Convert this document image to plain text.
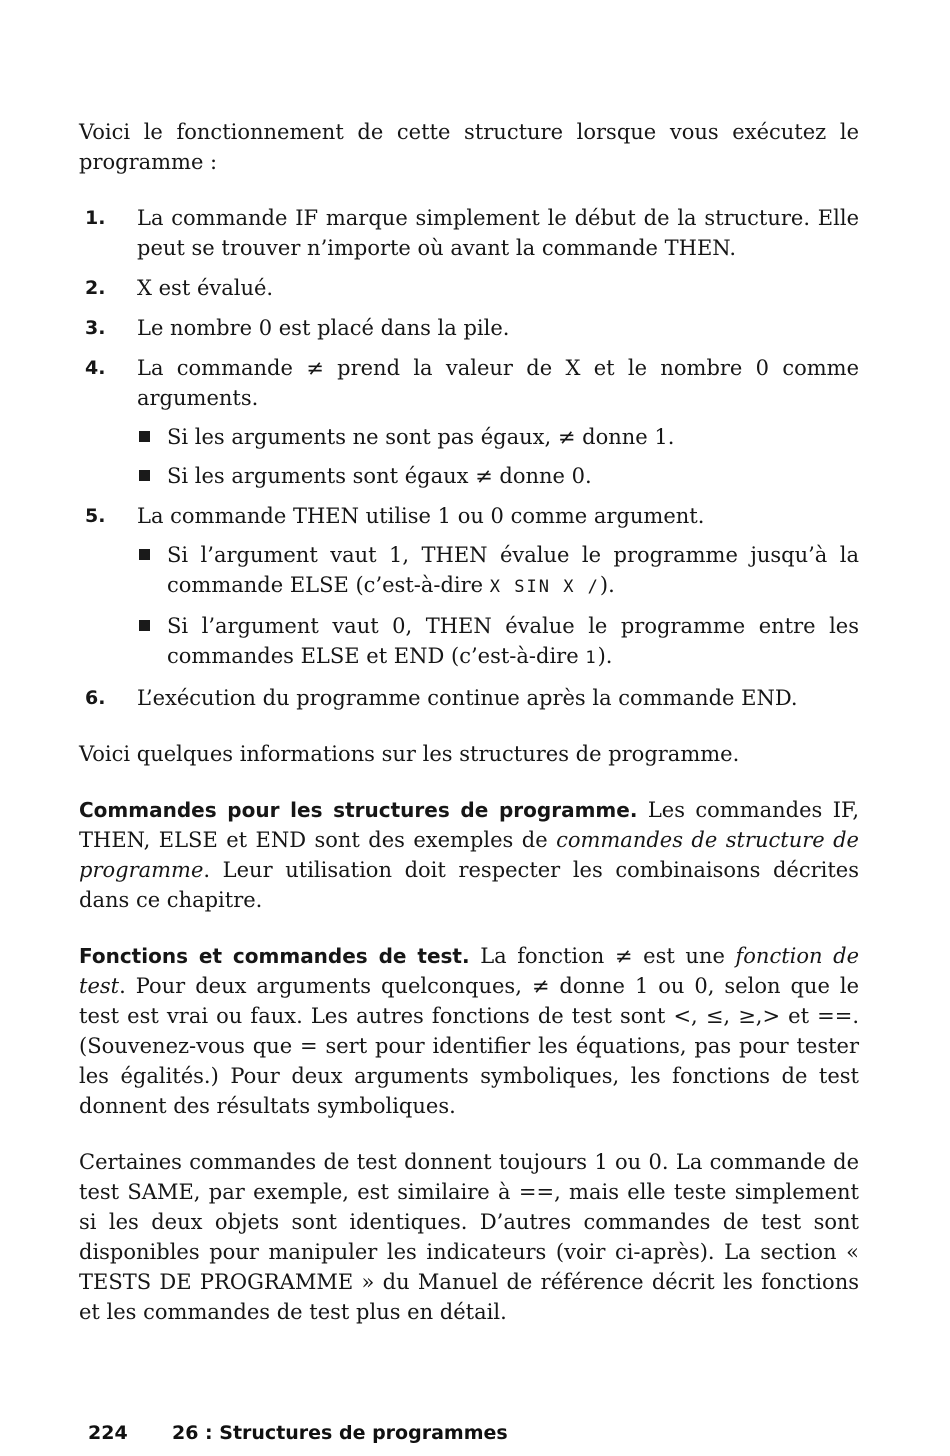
Voici le fonctionnement de cette structure lorsque vous exécutez le programme :

1. La commande IF marque simplement le début de la structure. Elle peut se trouver n’importe où avant la commande THEN.

2. X est évalué.

3. Le nombre 0 est placé dans la pile.

4. La commande ≠ prend la valeur de X et le nombre 0 comme arguments.

Si les arguments ne sont pas égaux, ≠ donne 1.

Si les arguments sont égaux ≠ donne 0.

5. La commande THEN utilise 1 ou 0 comme argument.

Si l’argument vaut 1, THEN évalue le programme jusqu’à la commande ELSE (c’est-à-dire X SIN X /).

Si l’argument vaut 0, THEN évalue le programme entre les commandes ELSE et END (c’est-à-dire 1).

6. L’exécution du programme continue après la commande END.

Voici quelques informations sur les structures de programme.

Commandes pour les structures de programme. Les commandes IF, THEN, ELSE et END sont des exemples de commandes de structure de programme. Leur utilisation doit respecter les combinaisons décrites dans ce chapitre.

Fonctions et commandes de test. La fonction ≠ est une fonction de test. Pour deux arguments quelconques, ≠ donne 1 ou 0, selon que le test est vrai ou faux. Les autres fonctions de test sont <, ≤, ≥,> et ==. (Souvenez-vous que = sert pour identifier les équations, pas pour tester les égalités.) Pour deux arguments symboliques, les fonctions de test donnent des résultats symboliques.

Certaines commandes de test donnent toujours 1 ou 0. La commande de test SAME, par exemple, est similaire à ==, mais elle teste simplement si les deux objets sont identiques. D’autres commandes de test sont disponibles pour manipuler les indicateurs (voir ci-après). La section « TESTS DE PROGRAMME » du Manuel de référence décrit les fonctions et les commandes de test plus en détail.

224 26 : Structures de programmes
